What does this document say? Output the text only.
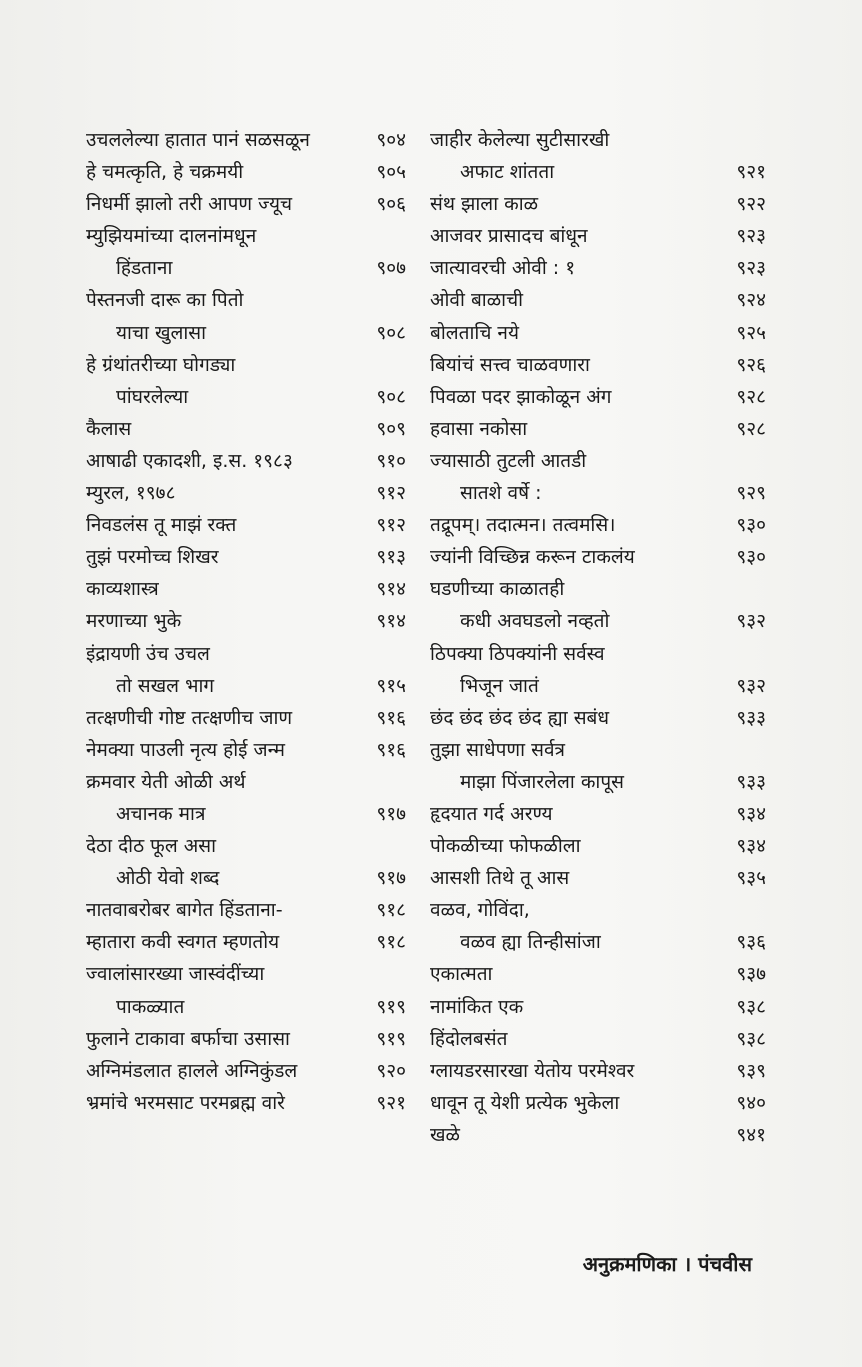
उचललेल्या हातात पानं सळसळून	९०४
हे चमत्कृति, हे चक्रमयी	९०५
निधर्मी झालो तरी आपण ज्यूच	९०६
म्युझियमांच्या दालनांमधून
हिंडताना	९०७
पेस्तनजी दारू का पितो
याचा खुलासा	९०८
हे ग्रंथांतरीच्या घोगड्या
पांघरलेल्या	९०८
कैलास	९०९
आषाढी एकादशी, इ.स. १९८३	९१०
म्युरल, १९७८	९१२
निवडलंस तू माझं रक्त	९१२
तुझं परमोच्च शिखर	९१३
काव्यशास्त्र	९१४
मरणाच्या भुके	९१४
इंद्रायणी उंच उचल
तो सखल भाग	९१५
तत्क्षणीची गोष्ट तत्क्षणीच जाण	९१६
नेमक्या पाउली नृत्य होई जन्म	९१६
क्रमवार येती ओळी अर्थ
अचानक मात्र	९१७
देठा दीठ फूल असा
ओठी येवो शब्द	९१७
नातवाबरोबर बागेत हिंडताना-	९१८
म्हातारा कवी स्वगत म्हणतोय	९१८
ज्वालांसारख्या जास्वंदींच्या
पाकळ्यात	९१९
फुलाने टाकावा बर्फाचा उसासा	९१९
अग्निमंडलात हालले अग्निकुंडल	९२०
भ्रमांचे भरमसाट परमब्रह्म वारे	९२१
जाहीर केलेल्या सुटीसारखी
अफाट शांतता	९२१
संथ झाला काळ	९२२
आजवर प्रासादच बांधून	९२३
जात्यावरची ओवी : १	९२३
ओवी बाळाची	९२४
बोलताचि नये	९२५
बियांचं सत्त्व चाळवणारा	९२६
पिवळा पदर झाकोळून अंग	९२८
हवासा नकोसा	९२८
ज्यासाठी तुटली आतडी
सातशे वर्षे :	९२९
तद्रूपम्। तदात्मन। तत्वमसि।	९३०
ज्यांनी विच्छिन्न करून टाकलंय	९३०
घडणीच्या काळातही
कधी अवघडलो नव्हतो	९३२
ठिपक्या ठिपक्यांनी सर्वस्व
भिजून जातं	९३२
छंद छंद छंद छंद ह्या सबंध	९३३
तुझा साधेपणा सर्वत्र
माझा पिंजारलेला कापूस	९३३
हृदयात गर्द अरण्य	९३४
पोकळीच्या फोफळीला	९३४
आसशी तिथे तू आस	९३५
वळव, गोविंदा,
वळव ह्या तिन्हीसांजा	९३६
एकात्मता	९३७
नामांकित एक	९३८
हिंदोलबसंत	९३८
ग्लायडरसारखा येतोय परमेश्वर	९३९
धावून तू येशी प्रत्येक भुकेला	९४०
खळे	९४१
अनुक्रमणिका । पंचवीस
